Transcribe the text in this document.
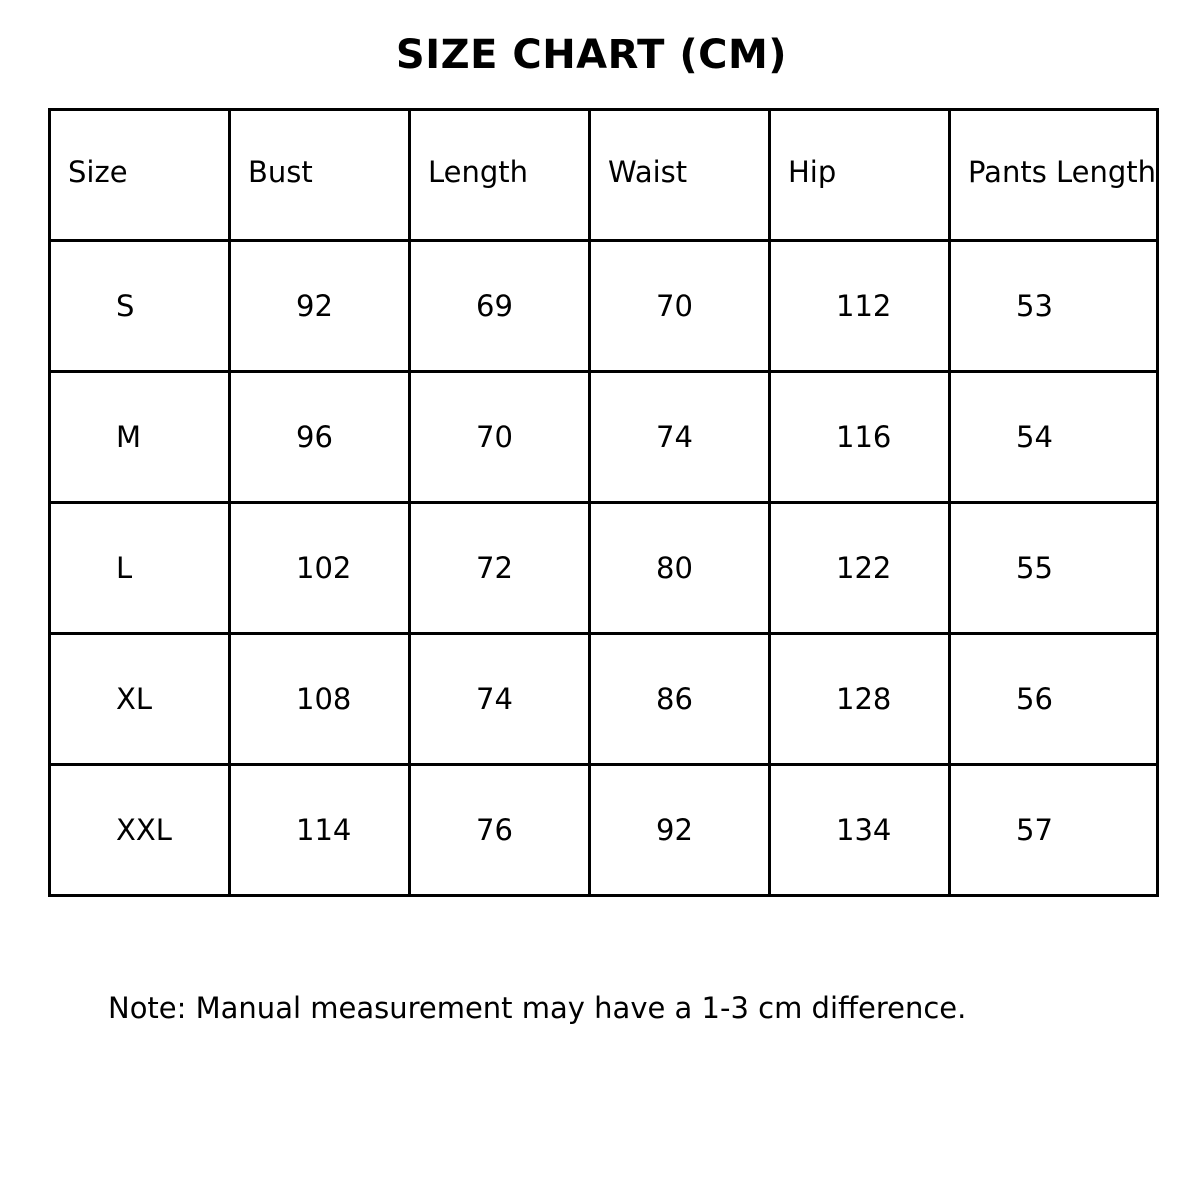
SIZE CHART (CM)
Size	Bust	Length	Waist	Hip	Pants Length
S	92	69	70	112	53
M	96	70	74	116	54
L	102	72	80	122	55
XL	108	74	86	128	56
XXL	114	76	92	134	57
Note: Manual measurement may have a 1-3 cm difference.
